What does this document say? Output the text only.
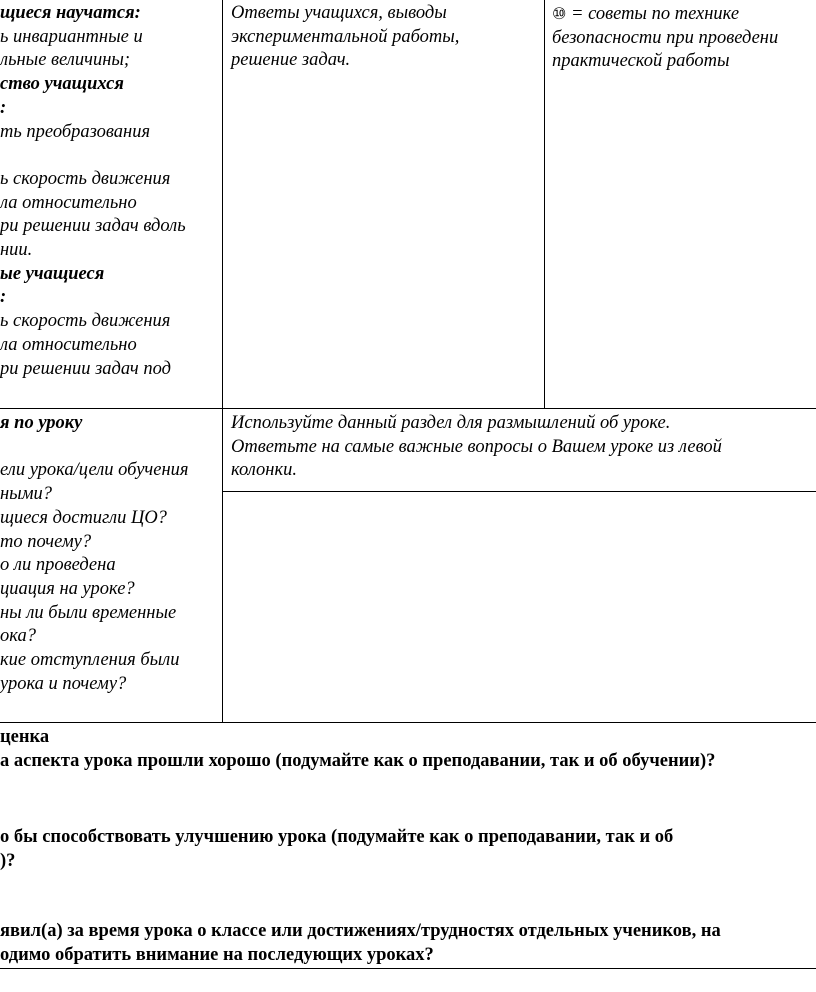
щиеся научатся:
ь инвариантные и
льные величины;
ство учащихся
:
ть преобразования

ь скорость движения
ла относительно
ри решении задач вдоль
нии.
ые учащиеся
:
ь скорость движения
ла относительно
ри решении задач под
Ответы учащихся, выводы
экспериментальной работы,
решение задач.
⑩ = советы по технике
безопасности при проведени
практической работы
я по уроку

ели урока/цели обучения
ными?
щиеся достигли ЦО?
то почему?
о ли проведена
циация на уроке?
ны ли были временные
ока?
кие отступления были
урока и почему?
Используйте данный раздел для размышлений об уроке.
Ответьте на самые важные вопросы о Вашем уроке из левой
колонки.
ценка
а аспекта урока прошли хорошо (подумайте как о преподавании, так и об обучении)?
о бы способствовать улучшению урока (подумайте как о преподавании, так и об
)?
явил(а) за время урока о классе или достижениях/трудностях отдельных учеников, на
одимо обратить внимание на последующих уроках?
